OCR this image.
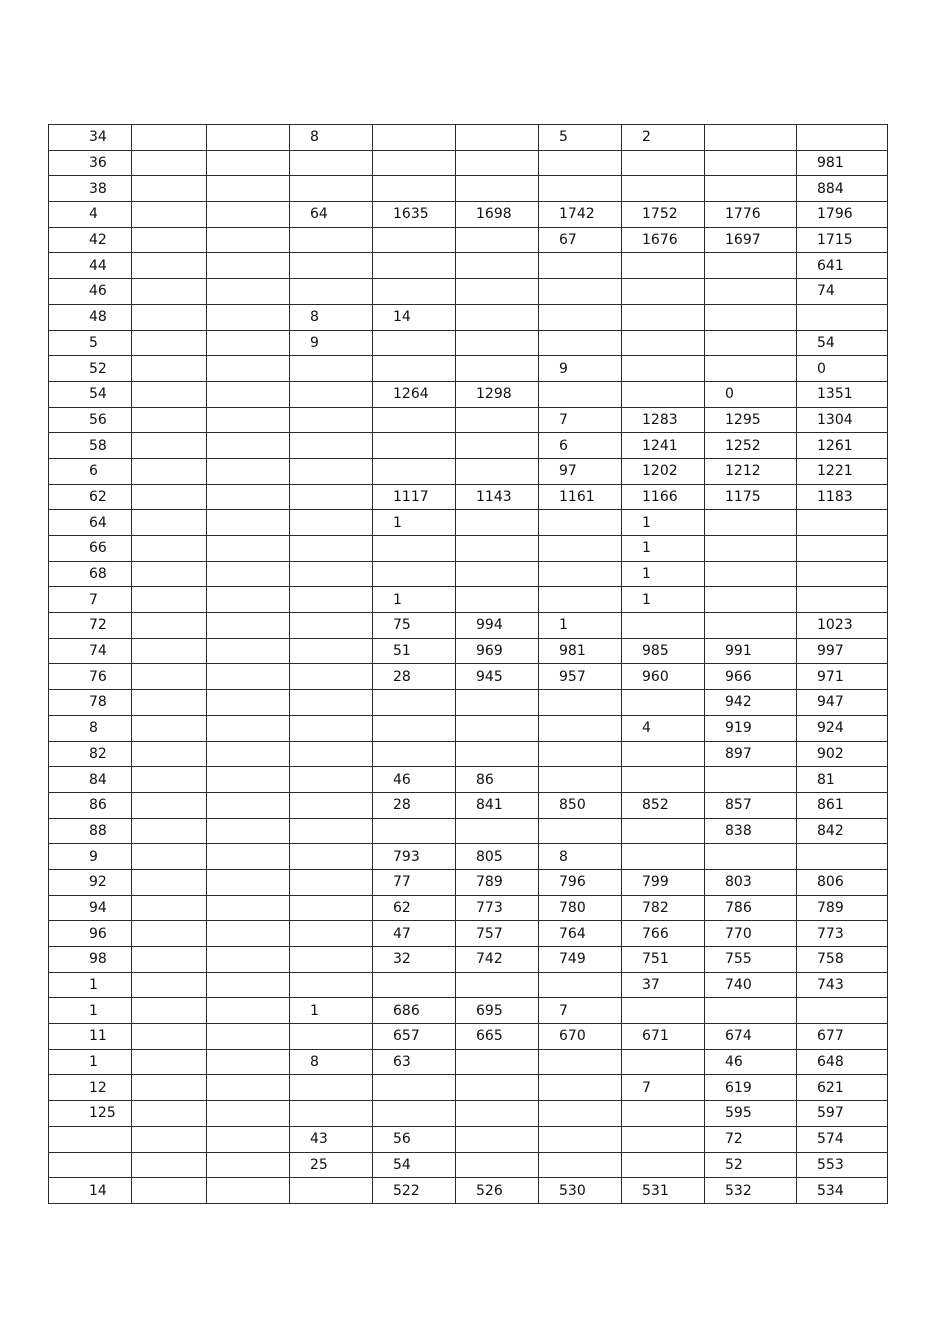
34			8			5	2		
36									981
38									884
4			64	1635	1698	1742	1752	1776	1796
42						67	1676	1697	1715
44									641
46									74
48			8	14					
5			9						54
52						9			0
54				1264	1298			0	1351
56						7	1283	1295	1304
58						6	1241	1252	1261
6						97	1202	1212	1221
62				1117	1143	1161	1166	1175	1183
64				1			1		
66							1		
68							1		
7				1			1		
72				75	994	1			1023
74				51	969	981	985	991	997
76				28	945	957	960	966	971
78								942	947
8							4	919	924
82								897	902
84				46	86				81
86				28	841	850	852	857	861
88								838	842
9				793	805	8			
92				77	789	796	799	803	806
94				62	773	780	782	786	789
96				47	757	764	766	770	773
98				32	742	749	751	755	758
1							37	740	743
1			1	686	695	7			
11				657	665	670	671	674	677
1			8	63				46	648
12							7	619	621
125								595	597
			43	56				72	574
			25	54				52	553
14				522	526	530	531	532	534
